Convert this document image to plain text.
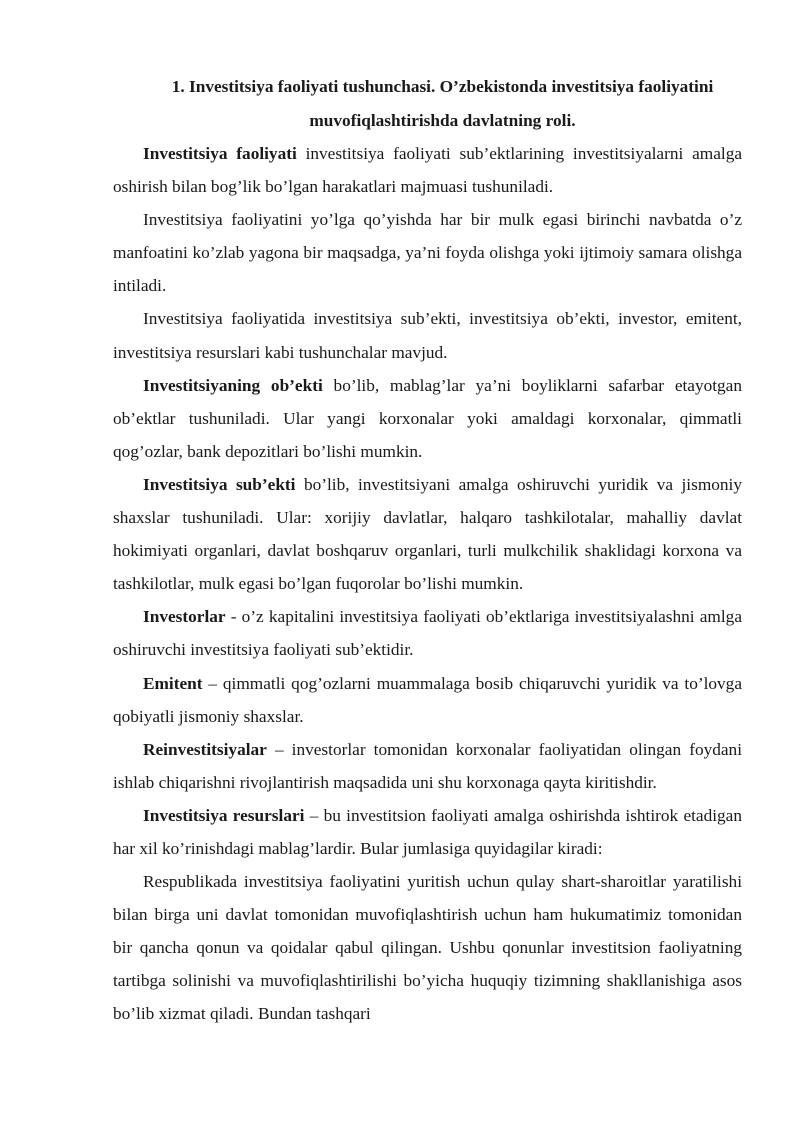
1. Investitsiya faoliyati tushunchasi. O’zbekistonda investitsiya faoliyatini muvofiqlashtirishda davlatning roli.

Investitsiya faoliyati investitsiya faoliyati sub’ektlarining investitsiyalarni amalga oshirish bilan bog’lik bo’lgan harakatlari majmuasi tushuniladi.

Investitsiya faoliyatini yo’lga qo’yishda har bir mulk egasi birinchi navbatda o’z manfoatini ko’zlab yagona bir maqsadga, ya’ni foyda olishga yoki ijtimoiy samara olishga intiladi.

Investitsiya faoliyatida investitsiya sub’ekti, investitsiya ob’ekti, investor, emitent, investitsiya resurslari kabi tushunchalar mavjud.

Investitsiyaning ob’ekti bo’lib, mablag’lar ya’ni boyliklarni safarbar etayotgan ob’ektlar tushuniladi. Ular yangi korxonalar yoki amaldagi korxonalar, qimmatli qog’ozlar, bank depozitlari bo’lishi mumkin.

Investitsiya sub’ekti bo’lib, investitsiyani amalga oshiruvchi yuridik va jismoniy shaxslar tushuniladi. Ular: xorijiy davlatlar, halqaro tashkilotalar, mahalliy davlat hokimiyati organlari, davlat boshqaruv organlari, turli mulkchilik shaklidagi korxona va tashkilotlar, mulk egasi bo’lgan fuqorolar bo’lishi mumkin.

Investorlar - o’z kapitalini investitsiya faoliyati ob’ektlariga investitsiyalashni amlga oshiruvchi investitsiya faoliyati sub’ektidir.

Emitent – qimmatli qog’ozlarni muammalaga bosib chiqaruvchi yuridik va to’lovga qobiyatli jismoniy shaxslar.

Reinvestitsiyalar – investorlar tomonidan korxonalar faoliyatidan olingan foydani ishlab chiqarishni rivojlantirish maqsadida uni shu korxonaga qayta kiritishdir.

Investitsiya resurslari – bu investitsion faoliyati amalga oshirishda ishtirok etadigan har xil ko’rinishdagi mablag’lardir. Bular jumlasiga quyidagilar kiradi:

Respublikada investitsiya faoliyatini yuritish uchun qulay shart-sharoitlar yaratilishi bilan birga uni davlat tomonidan muvofiqlashtirish uchun ham hukumatimiz tomonidan bir qancha qonun va qoidalar qabul qilingan. Ushbu qonunlar investitsion faoliyatning tartibga solinishi va muvofiqlashtirilishi bo’yicha huquqiy tizimning shakllanishiga asos bo’lib xizmat qiladi. Bundan tashqari
